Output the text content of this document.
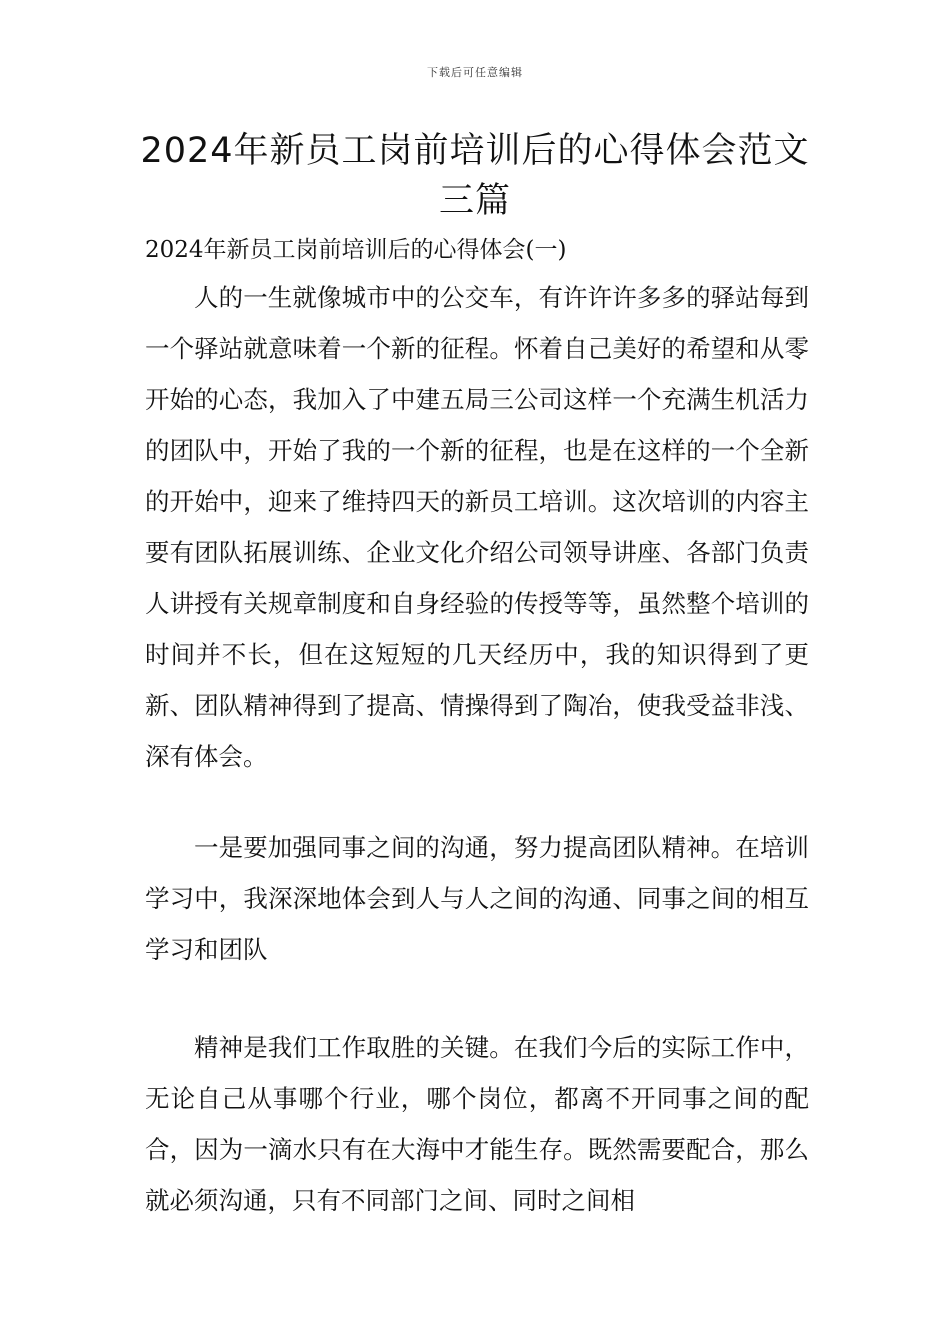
下载后可任意编辑
2024年新员工岗前培训后的心得体会范文三篇

2024年新员工岗前培训后的心得体会(一)

人的一生就像城市中的公交车，有许许许多多的驿站每到一个驿站就意味着一个新的征程。怀着自己美好的希望和从零开始的心态，我加入了中建五局三公司这样一个充满生机活力的团队中，开始了我的一个新的征程，也是在这样的一个全新的开始中，迎来了维持四天的新员工培训。这次培训的内容主要有团队拓展训练、企业文化介绍公司领导讲座、各部门负责人讲授有关规章制度和自身经验的传授等等，虽然整个培训的时间并不长，但在这短短的几天经历中，我的知识得到了更新、团队精神得到了提高、情操得到了陶冶，使我受益非浅、深有体会。

一是要加强同事之间的沟通，努力提高团队精神。在培训学习中，我深深地体会到人与人之间的沟通、同事之间的相互学习和团队

精神是我们工作取胜的关键。在我们今后的实际工作中，无论自己从事哪个行业，哪个岗位，都离不开同事之间的配合，因为一滴水只有在大海中才能生存。既然需要配合，那么就必须沟通，只有不同部门之间、同时之间相
